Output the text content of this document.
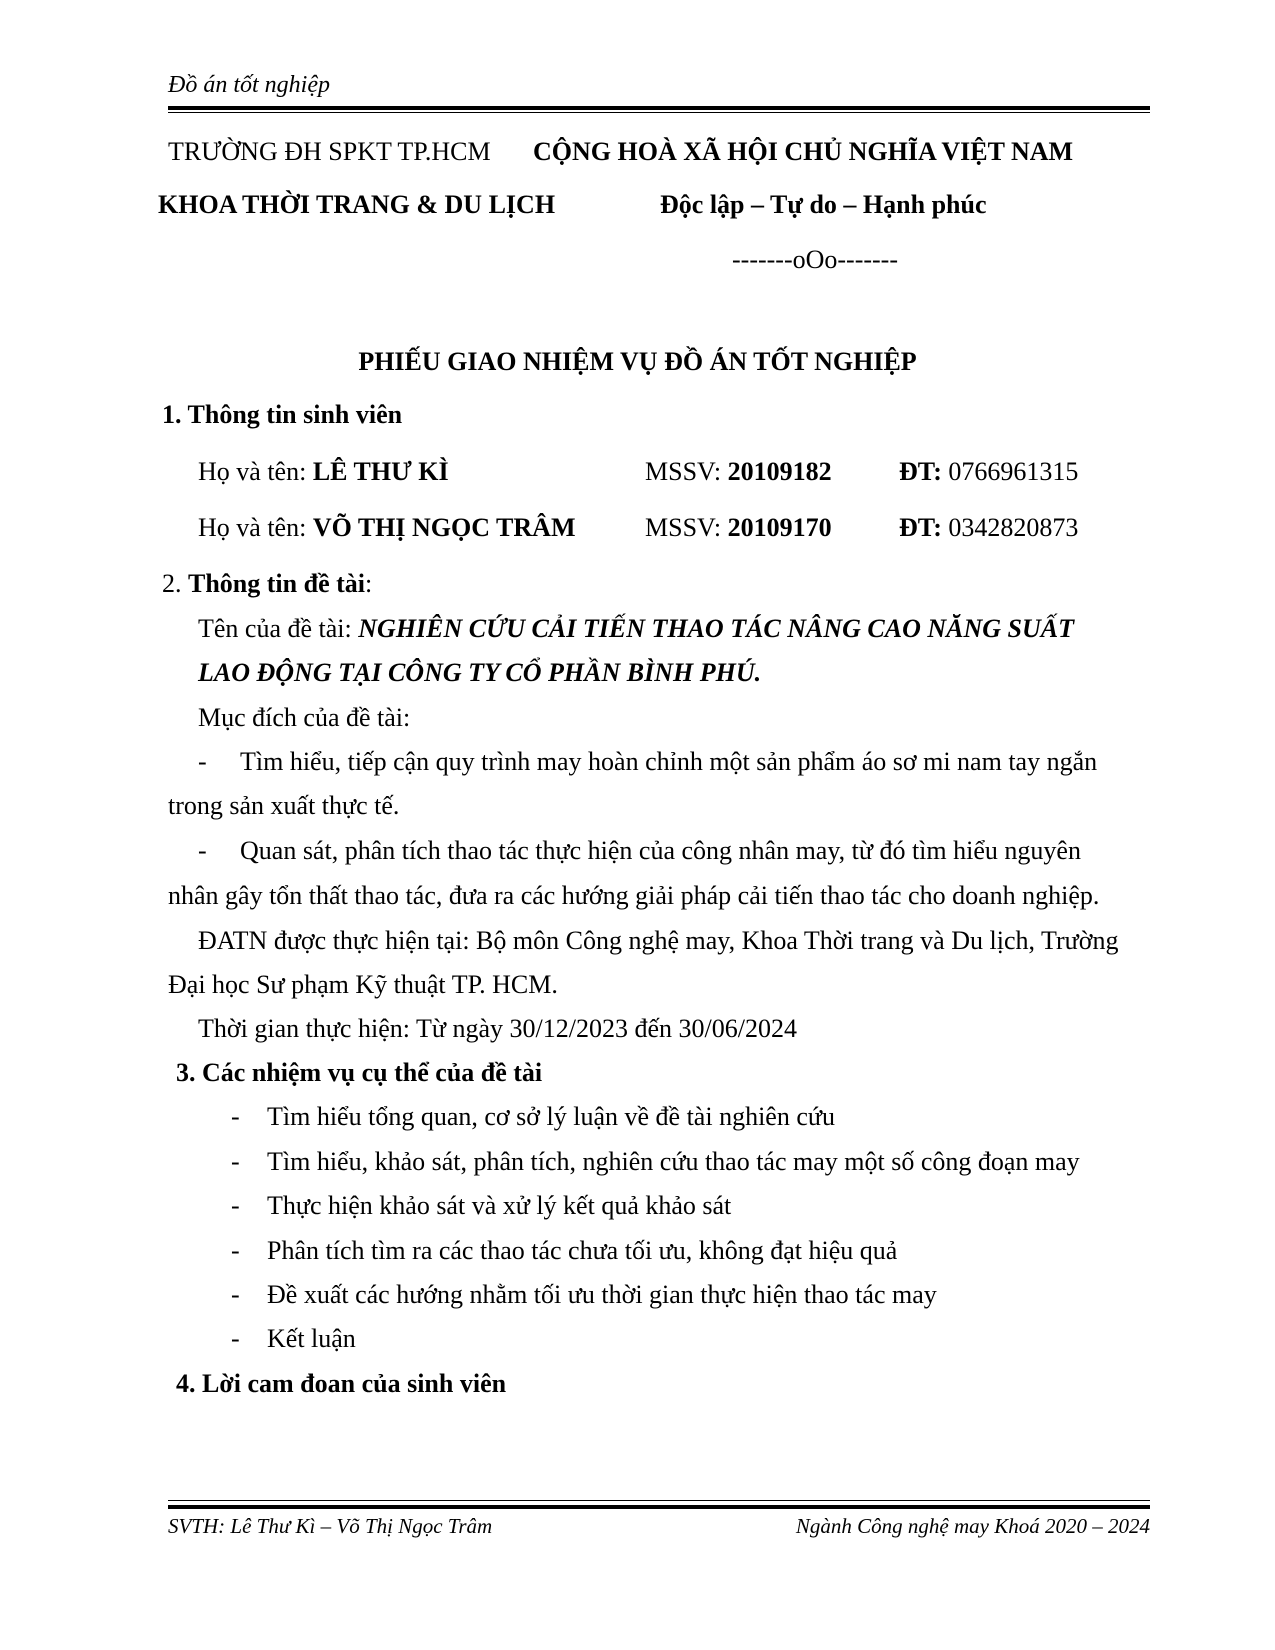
Đồ án tốt nghiệp
TRƯỜNG ĐH SPKT TP.HCM CỘNG HOÀ XÃ HỘI CHỦ NGHĨA VIỆT NAM
KHOA THỜI TRANG & DU LỊCH	Độc lập – Tự do – Hạnh phúc
-------oOo-------
PHIẾU GIAO NHIỆM VỤ ĐỒ ÁN TỐT NGHIỆP
1. Thông tin sinh viên
Họ và tên: LÊ THƯ KÌ	MSSV: 20109182	ĐT: 0766961315
Họ và tên: VÕ THỊ NGỌC TRÂM	MSSV: 20109170	ĐT: 0342820873
2. Thông tin đề tài:
Tên của đề tài: NGHIÊN CỨU CẢI TIẾN THAO TÁC NÂNG CAO NĂNG SUẤT
LAO ĐỘNG TẠI CÔNG TY CỔ PHẦN BÌNH PHÚ.
Mục đích của đề tài:
- Tìm hiểu, tiếp cận quy trình may hoàn chỉnh một sản phẩm áo sơ mi nam tay ngắn
trong sản xuất thực tế.
- Quan sát, phân tích thao tác thực hiện của công nhân may, từ đó tìm hiểu nguyên
nhân gây tổn thất thao tác, đưa ra các hướng giải pháp cải tiến thao tác cho doanh nghiệp.
ĐATN được thực hiện tại: Bộ môn Công nghệ may, Khoa Thời trang và Du lịch, Trường
Đại học Sư phạm Kỹ thuật TP. HCM.
Thời gian thực hiện: Từ ngày 30/12/2023 đến 30/06/2024
3. Các nhiệm vụ cụ thể của đề tài
- Tìm hiểu tổng quan, cơ sở lý luận về đề tài nghiên cứu
- Tìm hiểu, khảo sát, phân tích, nghiên cứu thao tác may một số công đoạn may
- Thực hiện khảo sát và xử lý kết quả khảo sát
- Phân tích tìm ra các thao tác chưa tối ưu, không đạt hiệu quả
- Đề xuất các hướng nhằm tối ưu thời gian thực hiện thao tác may
- Kết luận
4. Lời cam đoan của sinh viên
SVTH: Lê Thư Kì – Võ Thị Ngọc Trâm	Ngành Công nghệ may Khoá 2020 – 2024
